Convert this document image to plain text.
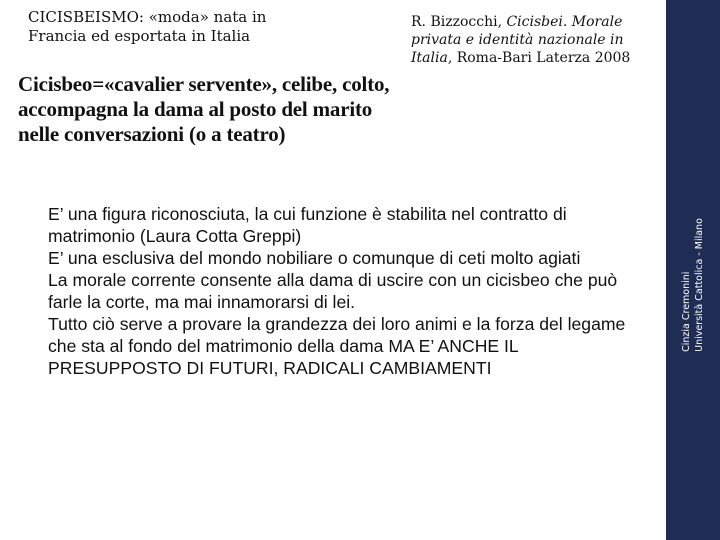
CICISBEISMO: «moda» nata in
Francia ed esportata in Italia
Cicisbeo=«cavalier servente», celibe, colto, accompagna la dama al posto del marito nelle conversazioni (o a teatro)

R. Bizzocchi, Cicisbei. Morale privata e identità nazionale in Italia, Roma-Bari Laterza 2008

E’ una figura riconosciuta, la cui funzione è stabilita nel contratto di matrimonio (Laura Cotta Greppi)

E’ una esclusiva del mondo nobiliare o comunque di ceti molto agiati

La morale corrente consente alla dama di uscire con un cicisbeo che può farle la corte, ma mai innamorarsi di lei.

Tutto ciò serve a provare la grandezza dei loro animi e la forza del legame che sta al fondo del matrimonio della dama MA E’ ANCHE IL PRESUPPOSTO DI FUTURI, RADICALI CAMBIAMENTI

Cinzia Cremonini Università Cattolica - Milano
